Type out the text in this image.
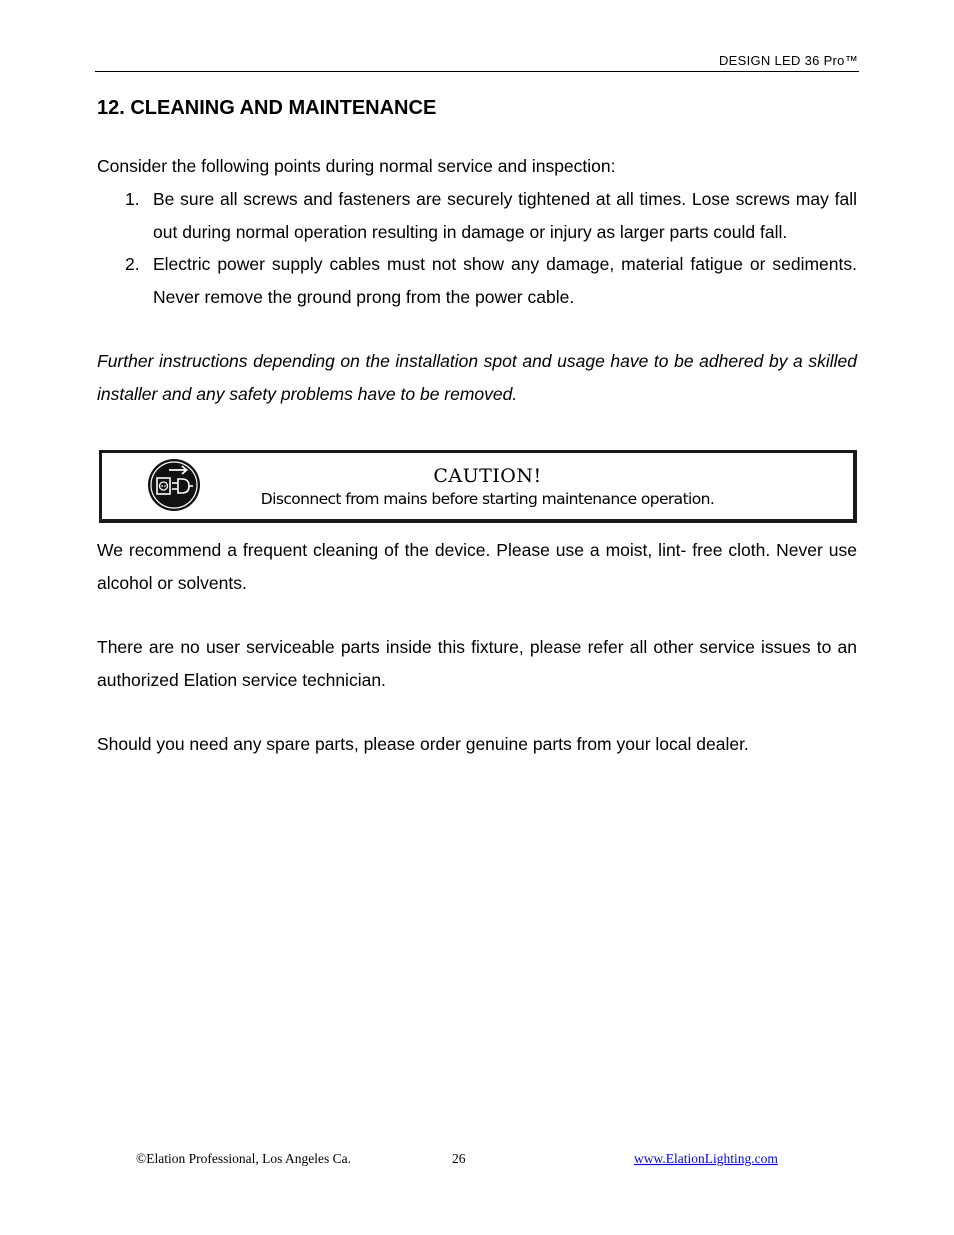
DESIGN LED 36 Pro™
12. CLEANING AND MAINTENANCE
Consider the following points during normal service and inspection:
1. Be sure all screws and fasteners are securely tightened at all times. Lose screws may fall out during normal operation resulting in damage or injury as larger parts could fall.
2. Electric power supply cables must not show any damage, material fatigue or sediments. Never remove the ground prong from the power cable.
Further instructions depending on the installation spot and usage have to be adhered by a skilled installer and any safety problems have to be removed.
CAUTION!
Disconnect from mains before starting maintenance operation.
We recommend a frequent cleaning of the device. Please use a moist, lint- free cloth. Never use alcohol or solvents.
There are no user serviceable parts inside this fixture, please refer all other service issues to an authorized Elation service technician.
Should you need any spare parts, please order genuine parts from your local dealer.
©Elation Professional, Los Angeles Ca.	26	www.ElationLighting.com
